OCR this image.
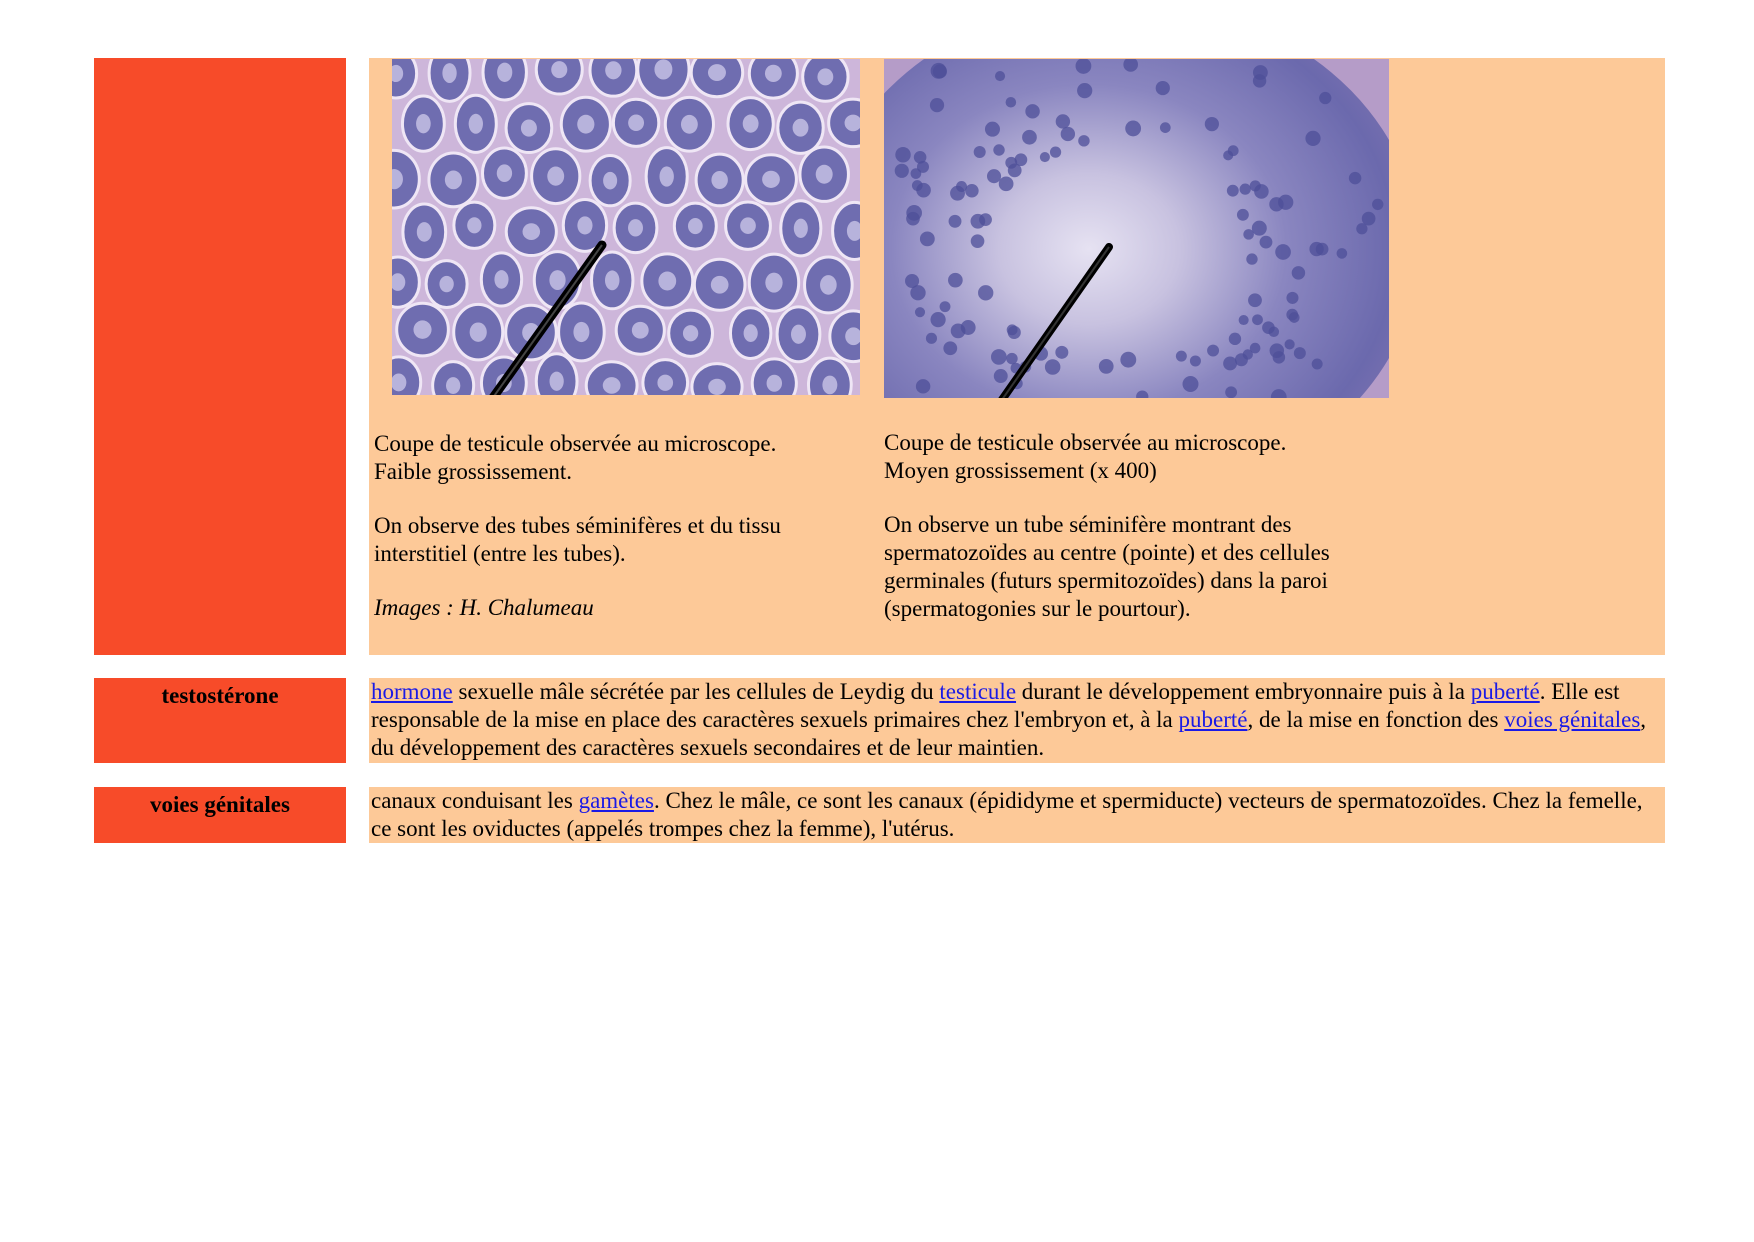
Coupe de testicule observée au microscope.
Faible grossissement.

On observe des tubes séminifères et du tissu interstitiel (entre les tubes).

Images : H. Chalumeau

Coupe de testicule observée au microscope.
Moyen grossissement (x 400)

On observe un tube séminifère montrant des spermatozoïdes au centre (pointe) et des cellules germinales (futurs spermitozoïdes) dans la paroi (spermatogonies sur le pourtour).

testostérone	hormone sexuelle mâle sécrétée par les cellules de Leydig du testicule durant le développement embryonnaire puis à la puberté. Elle est responsable de la mise en place des caractères sexuels primaires chez l'embryon et, à la puberté, de la mise en fonction des voies génitales, du développement des caractères sexuels secondaires et de leur maintien.
voies génitales	canaux conduisant les gamètes. Chez le mâle, ce sont les canaux (épididyme et spermiducte) vecteurs de spermatozoïdes. Chez la femelle, ce sont les oviductes (appelés trompes chez la femme), l'utérus.
